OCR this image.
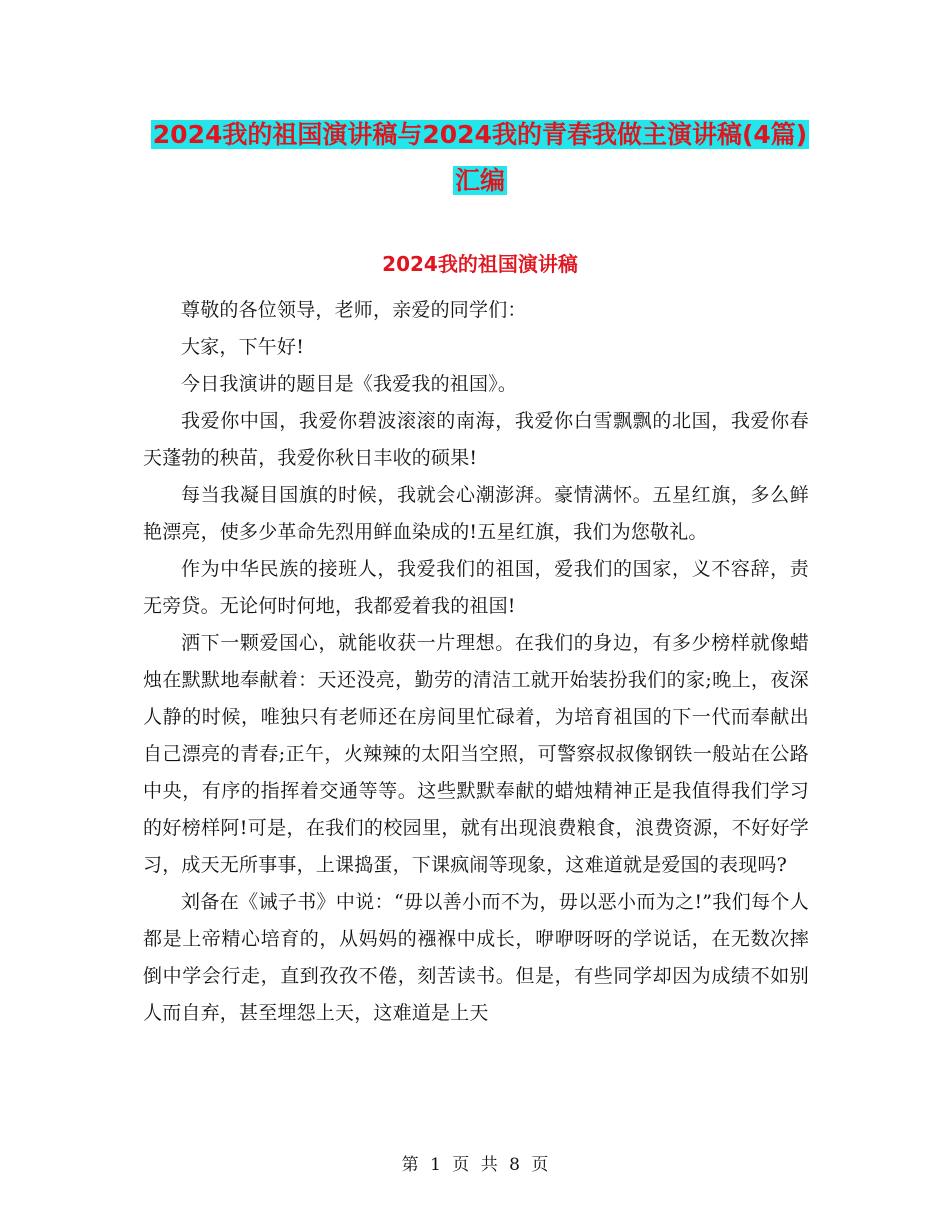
2024我的祖国演讲稿与2024我的青春我做主演讲稿(4篇)汇编
2024我的祖国演讲稿

尊敬的各位领导，老师，亲爱的同学们：

大家，下午好!

今日我演讲的题目是《我爱我的祖国》。

我爱你中国，我爱你碧波滚滚的南海，我爱你白雪飘飘的北国，我爱你春天蓬勃的秧苗，我爱你秋日丰收的硕果!

每当我凝目国旗的时候，我就会心潮澎湃。豪情满怀。五星红旗，多么鲜艳漂亮，使多少革命先烈用鲜血染成的!五星红旗，我们为您敬礼。

作为中华民族的接班人，我爱我们的祖国，爱我们的国家，义不容辞，责无旁贷。无论何时何地，我都爱着我的祖国!

洒下一颗爱国心，就能收获一片理想。在我们的身边，有多少榜样就像蜡烛在默默地奉献着：天还没亮，勤劳的清洁工就开始装扮我们的家;晚上，夜深人静的时候，唯独只有老师还在房间里忙碌着，为培育祖国的下一代而奉献出自己漂亮的青春;正午，火辣辣的太阳当空照，可警察叔叔像钢铁一般站在公路中央，有序的指挥着交通等等。这些默默奉献的蜡烛精神正是我值得我们学习的好榜样阿!可是，在我们的校园里，就有出现浪费粮食，浪费资源，不好好学习，成天无所事事，上课捣蛋，下课疯闹等现象，这难道就是爱国的表现吗?

刘备在《诫子书》中说：“毋以善小而不为，毋以恶小而为之!”我们每个人都是上帝精心培育的，从妈妈的襁褓中成长，咿咿呀呀的学说话，在无数次摔倒中学会行走，直到孜孜不倦，刻苦读书。但是，有些同学却因为成绩不如别人而自弃，甚至埋怨上天，这难道是上天

第 1 页 共 8 页
